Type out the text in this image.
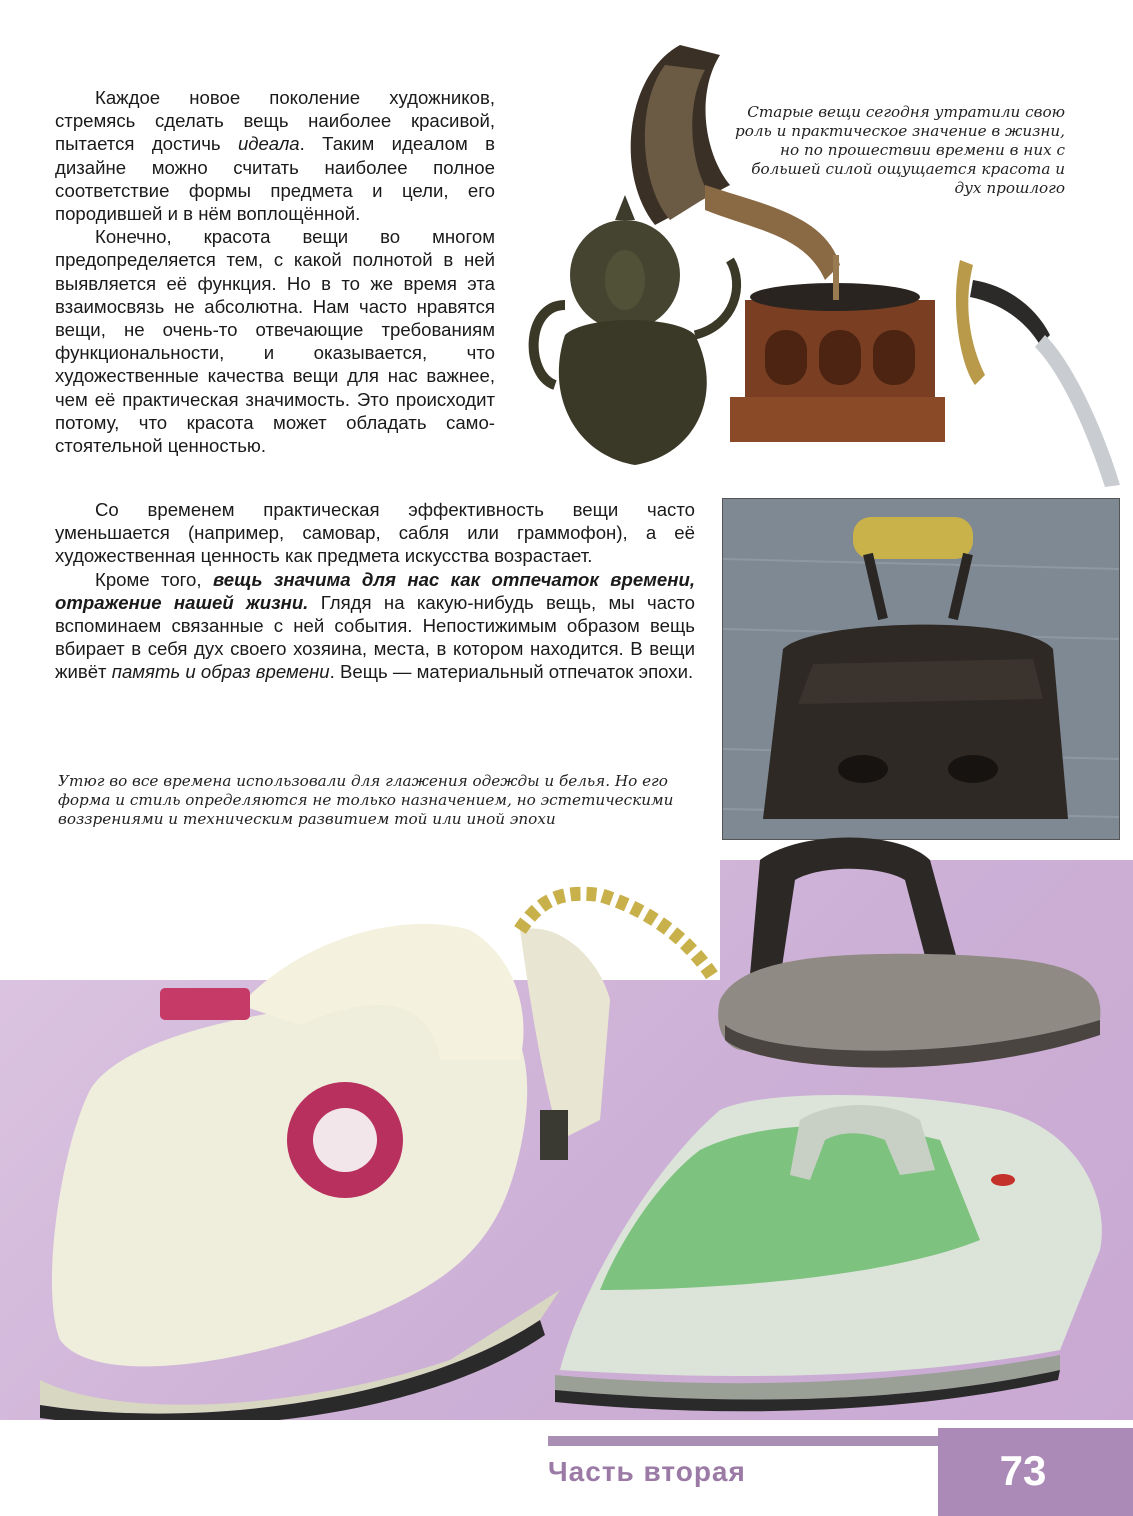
Каждое новое поколение художников, стремясь сделать вещь наиболее красивой, пытается достичь идеала. Таким идеалом в дизайне можно считать наиболее полное соответствие формы предмета и цели, его породившей и в нём воплощённой.

Конечно, красота вещи во многом предопределяется тем, с какой полнотой в ней выявляется её функция. Но в то же время эта взаимосвязь не абсолютна. Нам часто нравятся вещи, не очень-то отвечающие требованиям функциональности, и оказывается, что художественные качества вещи для нас важнее, чем её практическая значимость. Это происходит потому, что красота может обладать самостоятельной ценностью.

Старые вещи сегодня утратили свою роль и практическое значение в жизни, но по прошествии времени в них с большей силой ощущается красота и дух прошлого

Со временем практическая эффективность вещи часто уменьшается (например, самовар, сабля или граммофон), а её художественная ценность как предмета искусства возрастает.

Кроме того, вещь значима для нас как отпечаток времени, отражение нашей жизни. Глядя на какую-нибудь вещь, мы часто вспоминаем связанные с ней события. Непостижимым образом вещь вбирает в себя дух своего хозяина, места, в котором находится. В вещи живёт память и образ времени. Вещь — материальный отпечаток эпохи.

Утюг во все времена использовали для глажения одежды и белья. Но его форма и стиль определяются не только назначением, но эстетическими воззрениями и техническим развитием той или иной эпохи
Часть вторая	73
